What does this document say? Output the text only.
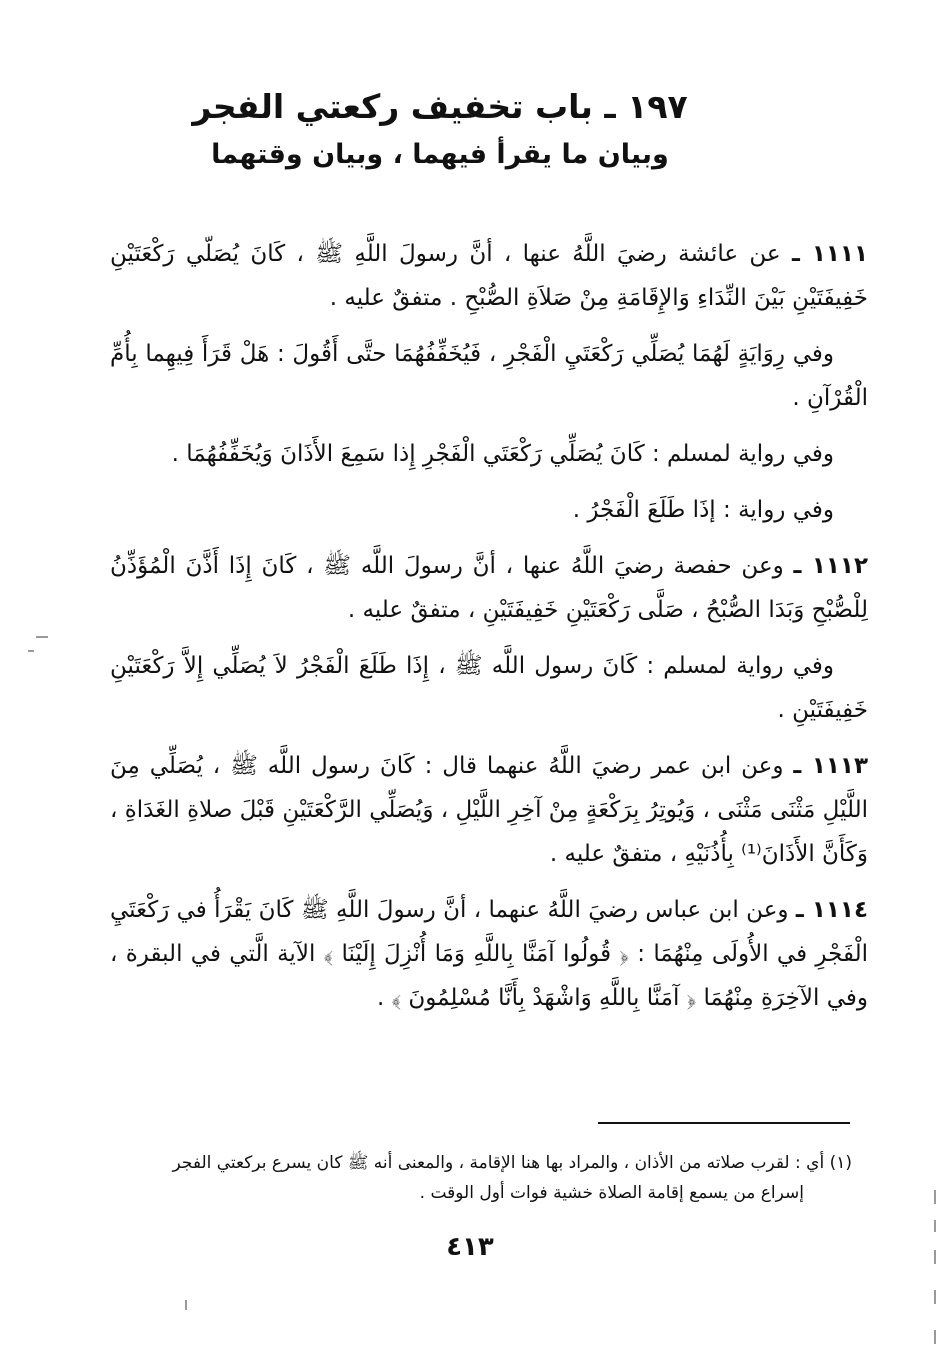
١٩٧ ـ باب تخفيف ركعتي الفجر
وبيان ما يقرأ فيهما ، وبيان وقتهما

١١١١ ـ عن عائشة رضيَ اللَّهُ عنها ، أنَّ رسولَ اللَّهِ ﷺ ، كَانَ يُصَلّي رَكْعَتَيْنِ خَفِيفَتَيْنِ بَيْنَ النِّدَاءِ وَالإِقَامَةِ مِنْ صَلاَةِ الصُّبْحِ . متفقٌ عليه .

وفي رِوَايَةٍ لَهُمَا يُصَلِّي رَكْعَتَيِ الْفَجْرِ ، فَيُخَفِّفُهُمَا حتَّى أَقُولَ : هَلْ قَرَأَ فِيهِما بِأُمِّ الْقُرْآنِ .

وفي رواية لمسلم : كَانَ يُصَلِّي رَكْعَتَي الْفَجْرِ إِذا سَمِعَ الأَذَانَ وَيُخَفِّفُهُمَا .

وفي رواية : إذَا طَلَعَ الْفَجْرُ .

١١١٢ ـ وعن حفصة رضيَ اللَّهُ عنها ، أنَّ رسولَ اللَّه ﷺ ، كَانَ إِذَا أَذَّنَ الْمُؤَذِّنُ لِلْصُّبْحِ وَبَدَا الصُّبْحُ ، صَلَّى رَكْعَتَيْنِ خَفِيفَتَيْنِ ، متفقٌ عليه .

وفي رواية لمسلم : كَانَ رسول اللَّه ﷺ ، إِذَا طَلَعَ الْفَجْرُ لاَ يُصَلِّي إِلاَّ رَكْعَتَيْنِ خَفِيفَتَيْنِ .

١١١٣ ـ وعن ابن عمر رضيَ اللَّهُ عنهما قال : كَانَ رسول اللَّه ﷺ ، يُصَلِّي مِنَ اللَّيْلِ مَثْنَى مَثْنَى ، وَيُوتِرُ بِرَكْعَةٍ مِنْ آخِرِ اللَّيْلِ ، وَيُصَلِّي الرَّكْعَتَيْنِ قَبْلَ صلاةِ الغَدَاةِ ، وَكَأَنَّ الأَذَانَ⁽¹⁾ بِأُذُنَيْهِ ، متفقٌ عليه .

١١١٤ ـ وعن ابن عباس رضيَ اللَّهُ عنهما ، أنَّ رسولَ اللَّهِ ﷺ كَانَ يَقْرَأُ في رَكْعَتَيِ الْفَجْرِ في الأُولَى مِنْهُمَا : ﴿ قُولُوا آمَنَّا بِاللَّهِ وَمَا أُنْزِلَ إِلَيْنَا ﴾ الآية الَّتي في البقرة ، وفي الآخِرَةِ مِنْهُمَا ﴿ آمَنَّا بِاللَّهِ وَاشْهَدْ بِأَنَّا مُسْلِمُونَ ﴾ .

(١) أي : لقرب صلاته من الأذان ، والمراد بها هنا الإقامة ، والمعنى أنه ﷺ كان يسرع بركعتي الفجر
إسراع من يسمع إقامة الصلاة خشية فوات أول الوقت .
٤١٣
